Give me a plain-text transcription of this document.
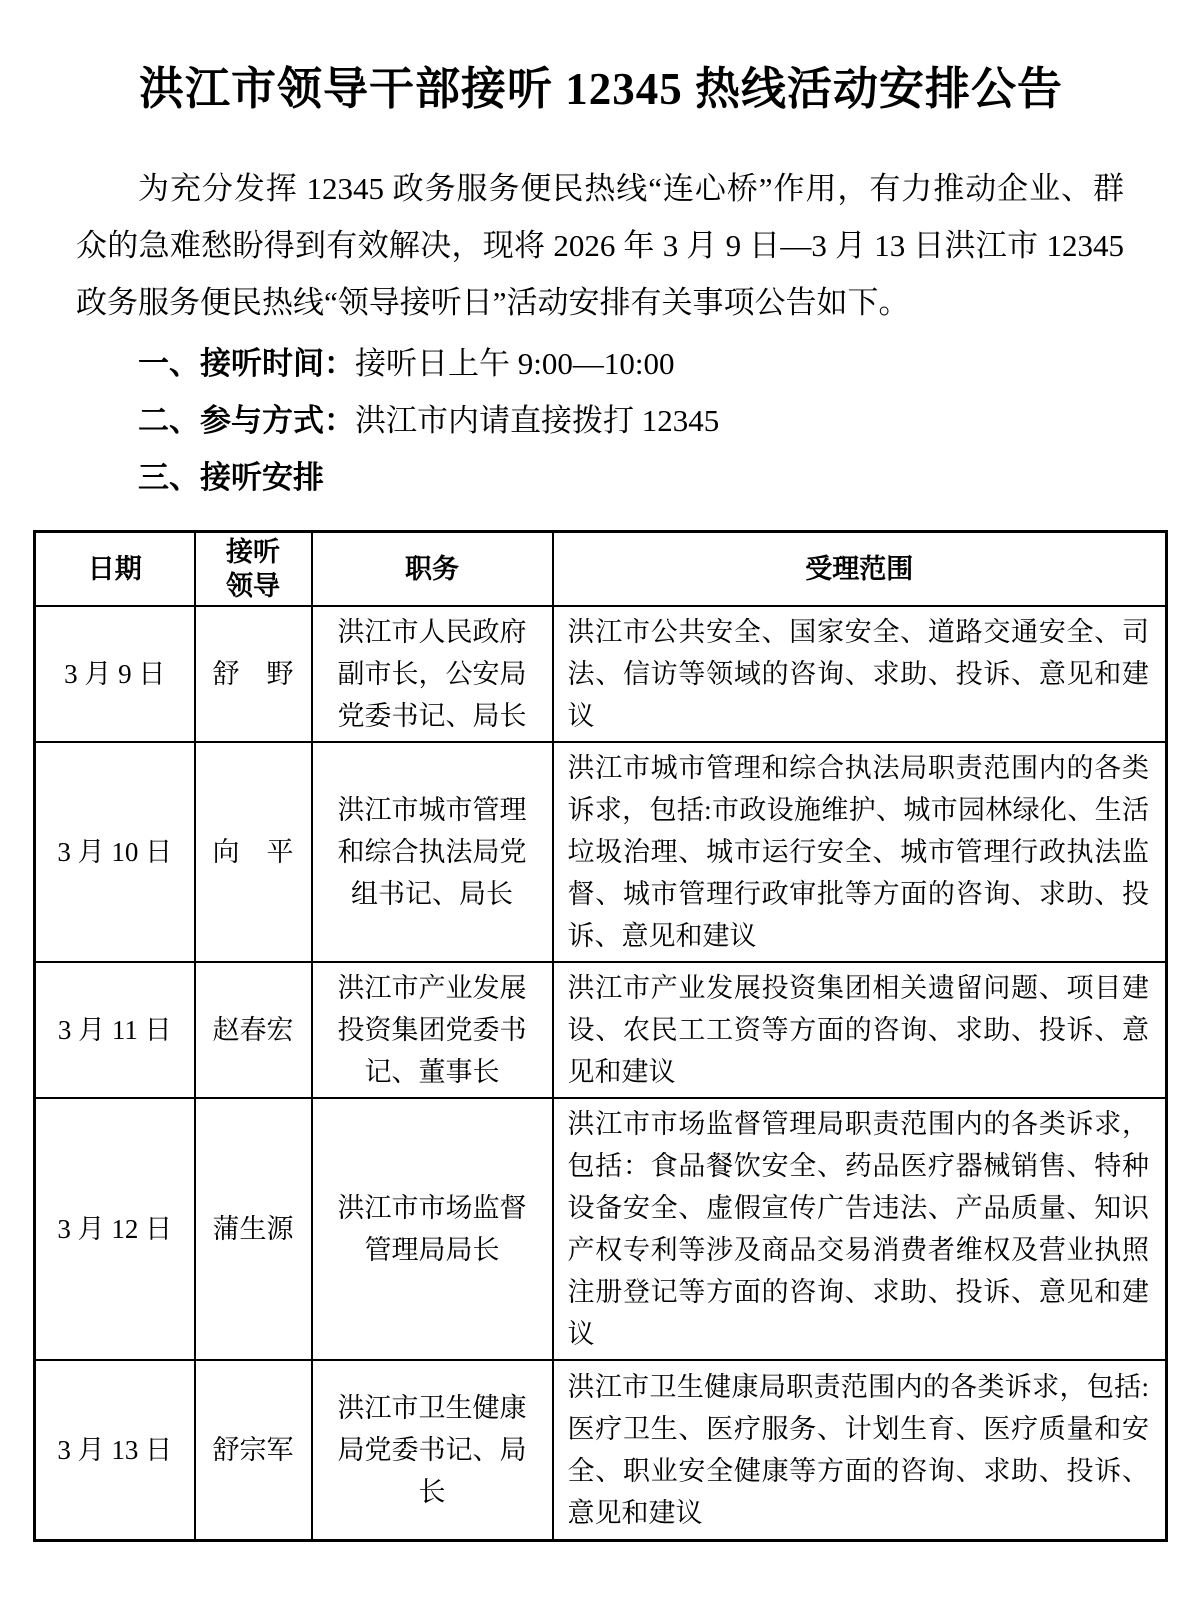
洪江市领导干部接听 12345 热线活动安排公告

为充分发挥 12345 政务服务便民热线“连心桥”作用，有力推动企业、群众的急难愁盼得到有效解决，现将 2026 年 3 月 9 日—3 月 13 日洪江市 12345 政务服务便民热线“领导接听日”活动安排有关事项公告如下。

一、接听时间：接听日上午 9:00—10:00

二、参与方式：洪江市内请直接拨打 12345

三、接听安排

日期	接听领导	职务	受理范围
3 月 9 日	舒　野	洪江市人民政府副市长，公安局党委书记、局长	洪江市公共安全、国家安全、道路交通安全、司法、信访等领域的咨询、求助、投诉、意见和建议
3 月 10 日	向　平	洪江市城市管理和综合执法局党组书记、局长	洪江市城市管理和综合执法局职责范围内的各类诉求，包括:市政设施维护、城市园林绿化、生活垃圾治理、城市运行安全、城市管理行政执法监督、城市管理行政审批等方面的咨询、求助、投诉、意见和建议
3 月 11 日	赵春宏	洪江市产业发展投资集团党委书记、董事长	洪江市产业发展投资集团相关遗留问题、项目建设、农民工工资等方面的咨询、求助、投诉、意见和建议
3 月 12 日	蒲生源	洪江市市场监督管理局局长	洪江市市场监督管理局职责范围内的各类诉求，包括：食品餐饮安全、药品医疗器械销售、特种设备安全、虚假宣传广告违法、产品质量、知识产权专利等涉及商品交易消费者维权及营业执照注册登记等方面的咨询、求助、投诉、意见和建议
3 月 13 日	舒宗军	洪江市卫生健康局党委书记、局长	洪江市卫生健康局职责范围内的各类诉求，包括:医疗卫生、医疗服务、计划生育、医疗质量和安全、职业安全健康等方面的咨询、求助、投诉、意见和建议
